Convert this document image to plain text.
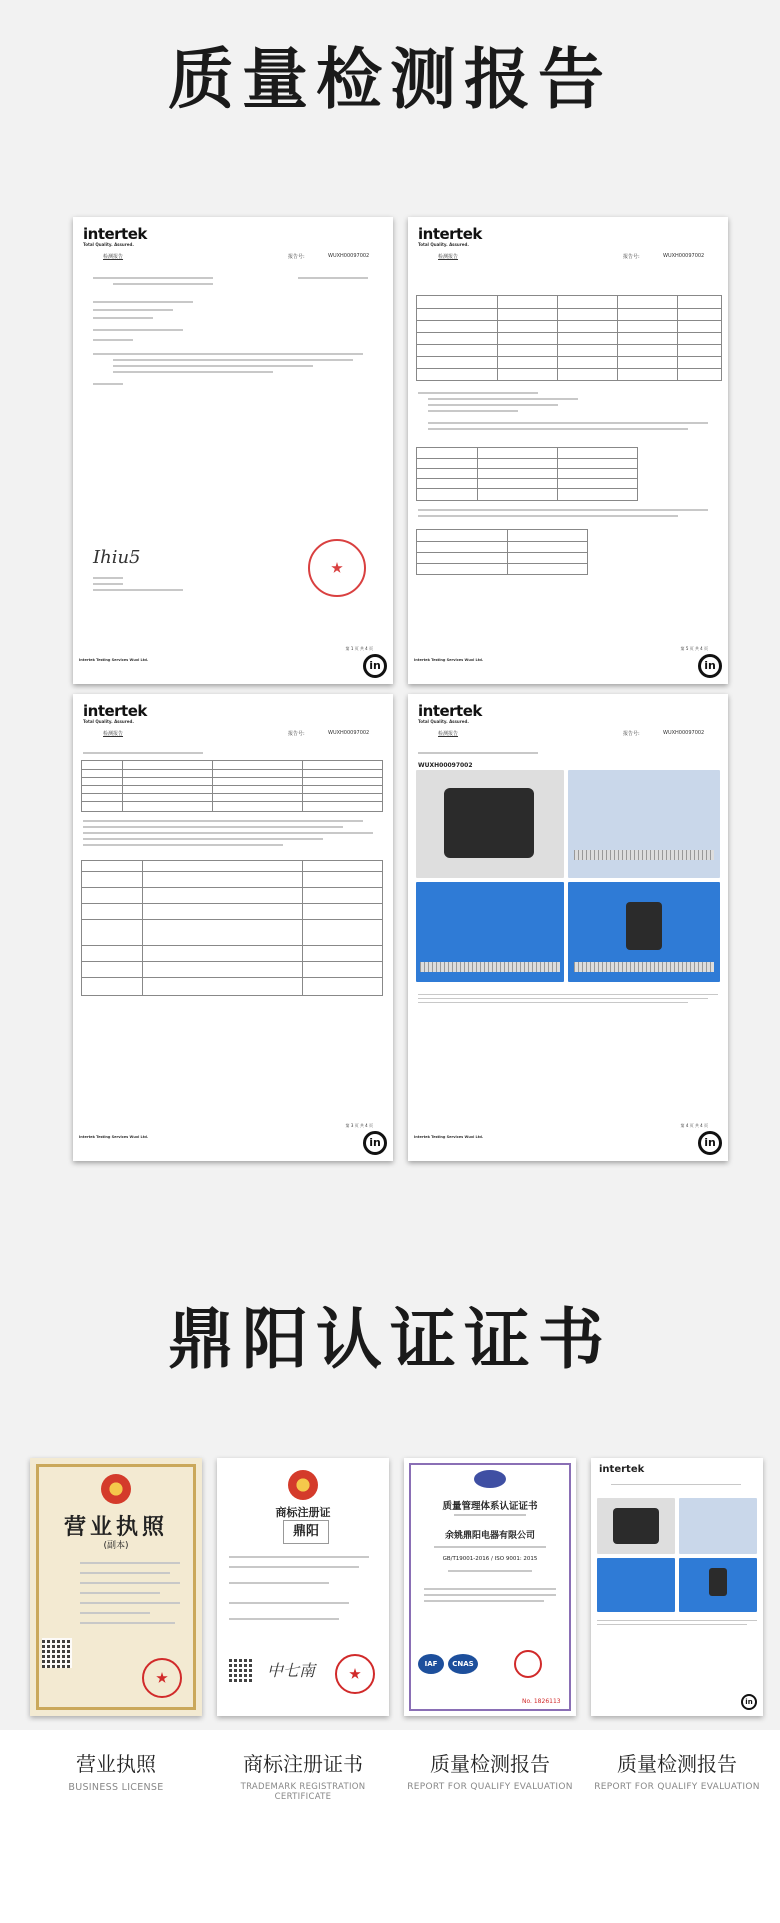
质量检测报告
intertek
Total Quality. Assured.
检测报告	报告号:	WUXH00097002
Ihiu5
第 1 页 共 4 页
Intertek Testing Services Wuxi Ltd.	in
intertek
Total Quality. Assured.
检测报告	报告号:	WUXH00097002
第 5 页 共 4 页
Intertek Testing Services Wuxi Ltd.	in
intertek
Total Quality. Assured.
检测报告	报告号:	WUXH00097002
第 3 页 共 4 页
Intertek Testing Services Wuxi Ltd.	in
intertek
Total Quality. Assured.
检测报告	报告号:	WUXH00097002
WUXH00097002
第 4 页 共 4 页
Intertek Testing Services Wuxi Ltd.	in
鼎阳认证证书
营业执照
(副本)
商标注册证
鼎阳
中七南
质量管理体系认证证书
余姚鼎阳电器有限公司
GB/T19001-2016 / ISO 9001: 2015
IAF	CNAS
No. 1826113
intertek
in
营业执照
BUSINESS LICENSE
商标注册证书
TRADEMARK REGISTRATION CERTIFICATE
质量检测报告
REPORT FOR QUALIFY EVALUATION
质量检测报告
REPORT FOR QUALIFY EVALUATION
